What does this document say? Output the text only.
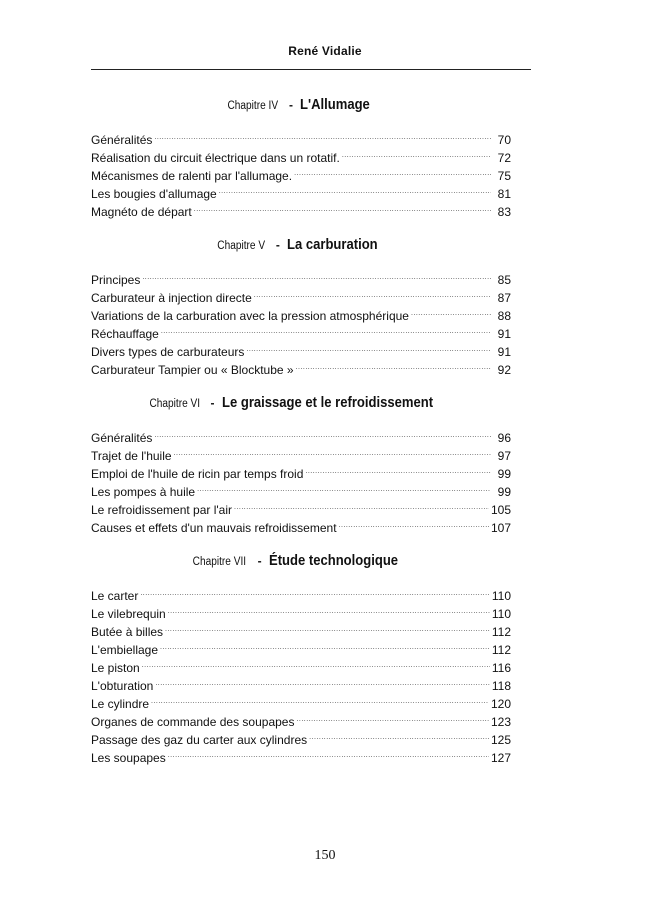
René Vidalie
Chapitre IV - L'Allumage
Généralités .....	70
Réalisation du circuit électrique dans un rotatif. .....	72
Mécanismes de ralenti par l'allumage. .....	75
Les bougies d'allumage .....	81
Magnéto de départ .....	83
Chapitre V - La carburation
Principes .....	85
Carburateur à injection directe .....	87
Variations de la carburation avec la pression atmosphérique .....	88
Réchauffage .....	91
Divers types de carburateurs .....	91
Carburateur Tampier ou « Blocktube » .....	92
Chapitre VI - Le graissage et le refroidissement
Généralités .....	96
Trajet de l'huile .....	97
Emploi de l'huile de ricin par temps froid .....	99
Les pompes à huile .....	99
Le refroidissement par l'air .....	105
Causes et effets d'un mauvais refroidissement .....	107
Chapitre VII - Étude technologique
Le carter .....	110
Le vilebrequin .....	110
Butée à billes .....	112
L'embiellage .....	112
Le piston .....	116
L'obturation .....	118
Le cylindre .....	120
Organes de commande des soupapes .....	123
Passage des gaz du carter aux cylindres .....	125
Les soupapes .....	127
150
